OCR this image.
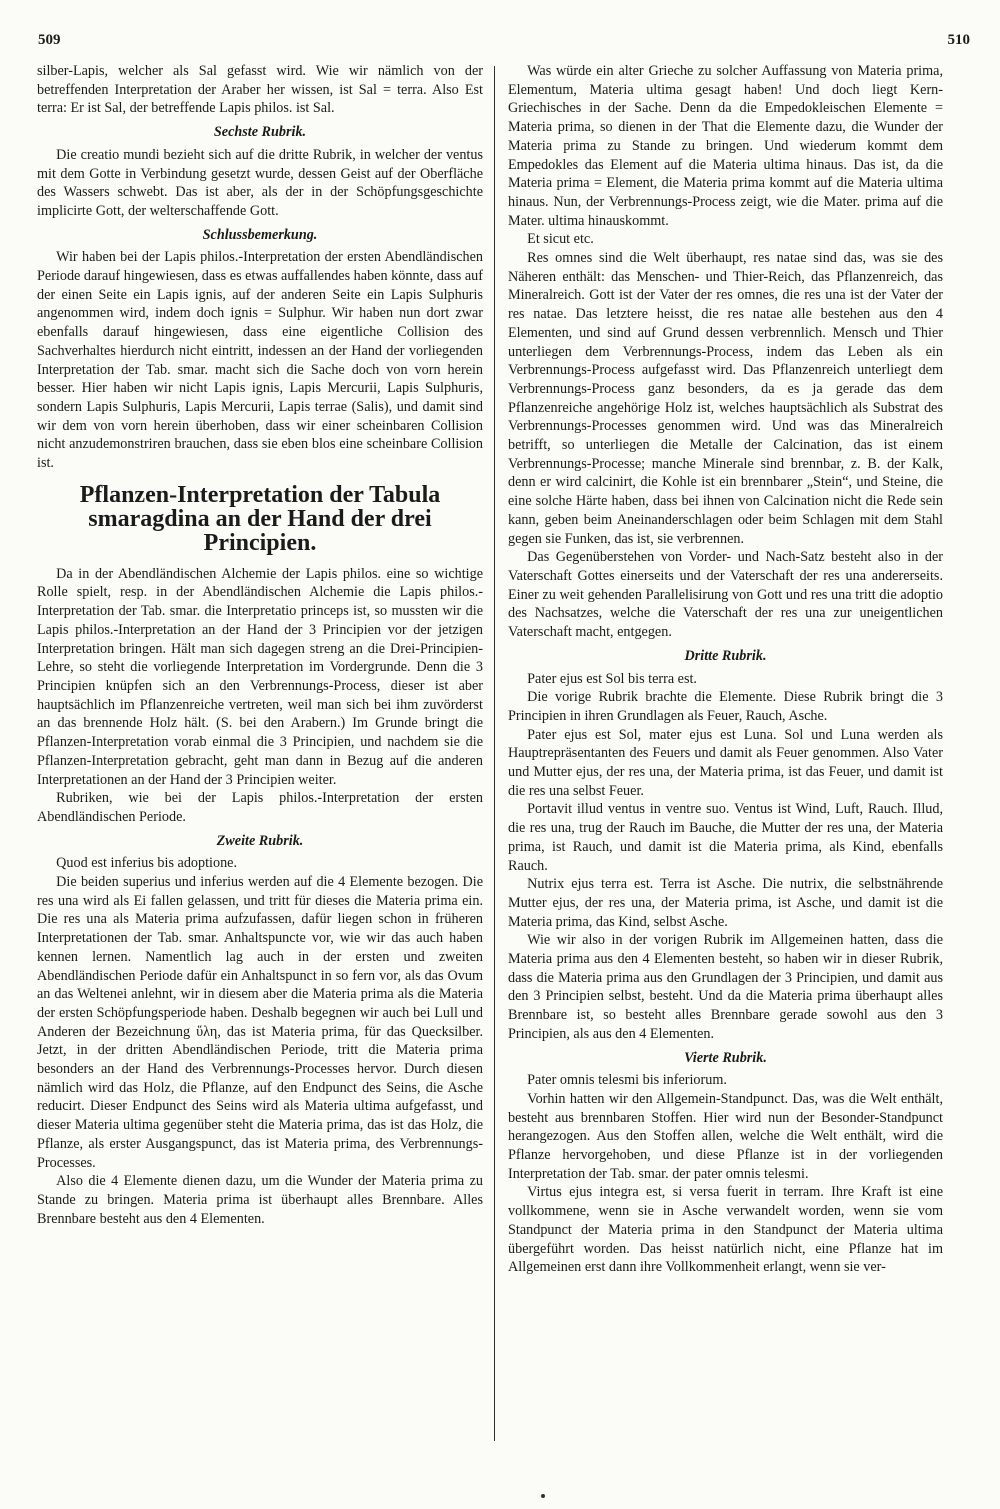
509	510

silber-Lapis, welcher als Sal gefasst wird. Wie wir nämlich von der betreffenden Interpretation der Araber her wissen, ist Sal = terra. Also Est terra: Er ist Sal, der betreffende Lapis philos. ist Sal.

Sechste Rubrik.

Die creatio mundi bezieht sich auf die dritte Rubrik, in welcher der ventus mit dem Gotte in Verbindung gesetzt wurde, dessen Geist auf der Oberfläche des Wassers schwebt. Das ist aber, als der in der Schöpfungsgeschichte implicirte Gott, der welterschaffende Gott.

Schlussbemerkung.

Wir haben bei der Lapis philos.-Interpretation der ersten Abendländischen Periode darauf hingewiesen, dass es etwas auffallendes haben könnte, dass auf der einen Seite ein Lapis ignis, auf der anderen Seite ein Lapis Sulphuris angenommen wird, indem doch ignis = Sulphur. Wir haben nun dort zwar ebenfalls darauf hingewiesen, dass eine eigentliche Collision des Sachverhaltes hierdurch nicht eintritt, indessen an der Hand der vorliegenden Interpretation der Tab. smar. macht sich die Sache doch von vorn herein besser. Hier haben wir nicht Lapis ignis, Lapis Mercurii, Lapis Sulphuris, sondern Lapis Sulphuris, Lapis Mercurii, Lapis terrae (Salis), und damit sind wir dem von vorn herein überhoben, dass wir einer scheinbaren Collision nicht anzudemonstriren brauchen, dass sie eben blos eine scheinbare Collision ist.

Pflanzen-Interpretation der Tabula smaragdina an der Hand der drei Principien.

Da in der Abendländischen Alchemie der Lapis philos. eine so wichtige Rolle spielt, resp. in der Abendländischen Alchemie die Lapis philos.-Interpretation der Tab. smar. die Interpretatio princeps ist, so mussten wir die Lapis philos.-Interpretation an der Hand der 3 Principien vor der jetzigen Interpretation bringen. Hält man sich dagegen streng an die Drei-Principien-Lehre, so steht die vorliegende Interpretation im Vordergrunde. Denn die 3 Principien knüpfen sich an den Verbrennungs-Process, dieser ist aber hauptsächlich im Pflanzenreiche vertreten, weil man sich bei ihm zuvörderst an das brennende Holz hält. (S. bei den Arabern.) Im Grunde bringt die Pflanzen-Interpretation vorab einmal die 3 Principien, und nachdem sie die Pflanzen-Interpretation gebracht, geht man dann in Bezug auf die anderen Interpretationen an der Hand der 3 Principien weiter.

Rubriken, wie bei der Lapis philos.-Interpretation der ersten Abendländischen Periode.

Zweite Rubrik.

Quod est inferius bis adoptione.

Die beiden superius und inferius werden auf die 4 Elemente bezogen. Die res una wird als Ei fallen gelassen, und tritt für dieses die Materia prima ein. Die res una als Materia prima aufzufassen, dafür liegen schon in früheren Interpretationen der Tab. smar. Anhaltspuncte vor, wie wir das auch haben kennen lernen. Namentlich lag auch in der ersten und zweiten Abendländischen Periode dafür ein Anhaltspunct in so fern vor, als das Ovum an das Weltenei anlehnt, wir in diesem aber die Materia prima als die Materia der ersten Schöpfungsperiode haben. Deshalb begegnen wir auch bei Lull und Anderen der Bezeichnung ὕλη, das ist Materia prima, für das Quecksilber. Jetzt, in der dritten Abendländischen Periode, tritt die Materia prima besonders an der Hand des Verbrennungs-Processes hervor. Durch diesen nämlich wird das Holz, die Pflanze, auf den Endpunct des Seins, die Asche reducirt. Dieser Endpunct des Seins wird als Materia ultima aufgefasst, und dieser Materia ultima gegenüber steht die Materia prima, das ist das Holz, die Pflanze, als erster Ausgangspunct, das ist Materia prima, des Verbrennungs-Processes.

Also die 4 Elemente dienen dazu, um die Wunder der Materia prima zu Stande zu bringen. Materia prima ist überhaupt alles Brennbare. Alles Brennbare besteht aus den 4 Elementen.

Was würde ein alter Grieche zu solcher Auffassung von Materia prima, Elementum, Materia ultima gesagt haben! Und doch liegt Kern-Griechisches in der Sache. Denn da die Empedokleischen Elemente = Materia prima, so dienen in der That die Elemente dazu, die Wunder der Materia prima zu Stande zu bringen. Und wiederum kommt dem Empedokles das Element auf die Materia ultima hinaus. Das ist, da die Materia prima = Element, die Materia prima kommt auf die Materia ultima hinaus. Nun, der Verbrennungs-Process zeigt, wie die Mater. prima auf die Mater. ultima hinauskommt.

Et sicut etc.

Res omnes sind die Welt überhaupt, res natae sind das, was sie des Näheren enthält: das Menschen- und Thier-Reich, das Pflanzenreich, das Mineralreich. Gott ist der Vater der res omnes, die res una ist der Vater der res natae. Das letztere heisst, die res natae alle bestehen aus den 4 Elementen, und sind auf Grund dessen verbrennlich. Mensch und Thier unterliegen dem Verbrennungs-Process, indem das Leben als ein Verbrennungs-Process aufgefasst wird. Das Pflanzenreich unterliegt dem Verbrennungs-Process ganz besonders, da es ja gerade das dem Pflanzenreiche angehörige Holz ist, welches hauptsächlich als Substrat des Verbrennungs-Processes genommen wird. Und was das Mineralreich betrifft, so unterliegen die Metalle der Calcination, das ist einem Verbrennungs-Processe; manche Minerale sind brennbar, z. B. der Kalk, denn er wird calcinirt, die Kohle ist ein brennbarer „Stein“, und Steine, die eine solche Härte haben, dass bei ihnen von Calcination nicht die Rede sein kann, geben beim Aneinanderschlagen oder beim Schlagen mit dem Stahl gegen sie Funken, das ist, sie verbrennen.

Das Gegenüberstehen von Vorder- und Nach-Satz besteht also in der Vaterschaft Gottes einerseits und der Vaterschaft der res una andererseits. Einer zu weit gehenden Parallelisirung von Gott und res una tritt die adoptio des Nachsatzes, welche die Vaterschaft der res una zur uneigentlichen Vaterschaft macht, entgegen.

Dritte Rubrik.

Pater ejus est Sol bis terra est.

Die vorige Rubrik brachte die Elemente. Diese Rubrik bringt die 3 Principien in ihren Grundlagen als Feuer, Rauch, Asche.

Pater ejus est Sol, mater ejus est Luna. Sol und Luna werden als Hauptrepräsentanten des Feuers und damit als Feuer genommen. Also Vater und Mutter ejus, der res una, der Materia prima, ist das Feuer, und damit ist die res una selbst Feuer.

Portavit illud ventus in ventre suo. Ventus ist Wind, Luft, Rauch. Illud, die res una, trug der Rauch im Bauche, die Mutter der res una, der Materia prima, ist Rauch, und damit ist die Materia prima, als Kind, ebenfalls Rauch.

Nutrix ejus terra est. Terra ist Asche. Die nutrix, die selbstnährende Mutter ejus, der res una, der Materia prima, ist Asche, und damit ist die Materia prima, das Kind, selbst Asche.

Wie wir also in der vorigen Rubrik im Allgemeinen hatten, dass die Materia prima aus den 4 Elementen besteht, so haben wir in dieser Rubrik, dass die Materia prima aus den Grundlagen der 3 Principien, und damit aus den 3 Principien selbst, besteht. Und da die Materia prima überhaupt alles Brennbare ist, so besteht alles Brennbare gerade sowohl aus den 3 Principien, als aus den 4 Elementen.

Vierte Rubrik.

Pater omnis telesmi bis inferiorum.

Vorhin hatten wir den Allgemein-Standpunct. Das, was die Welt enthält, besteht aus brennbaren Stoffen. Hier wird nun der Besonder-Standpunct herangezogen. Aus den Stoffen allen, welche die Welt enthält, wird die Pflanze hervorgehoben, und diese Pflanze ist in der vorliegenden Interpretation der Tab. smar. der pater omnis telesmi.

Virtus ejus integra est, si versa fuerit in terram. Ihre Kraft ist eine vollkommene, wenn sie in Asche verwandelt worden, wenn sie vom Standpunct der Materia prima in den Standpunct der Materia ultima übergeführt worden. Das heisst natürlich nicht, eine Pflanze hat im Allgemeinen erst dann ihre Vollkommenheit erlangt, wenn sie ver-
